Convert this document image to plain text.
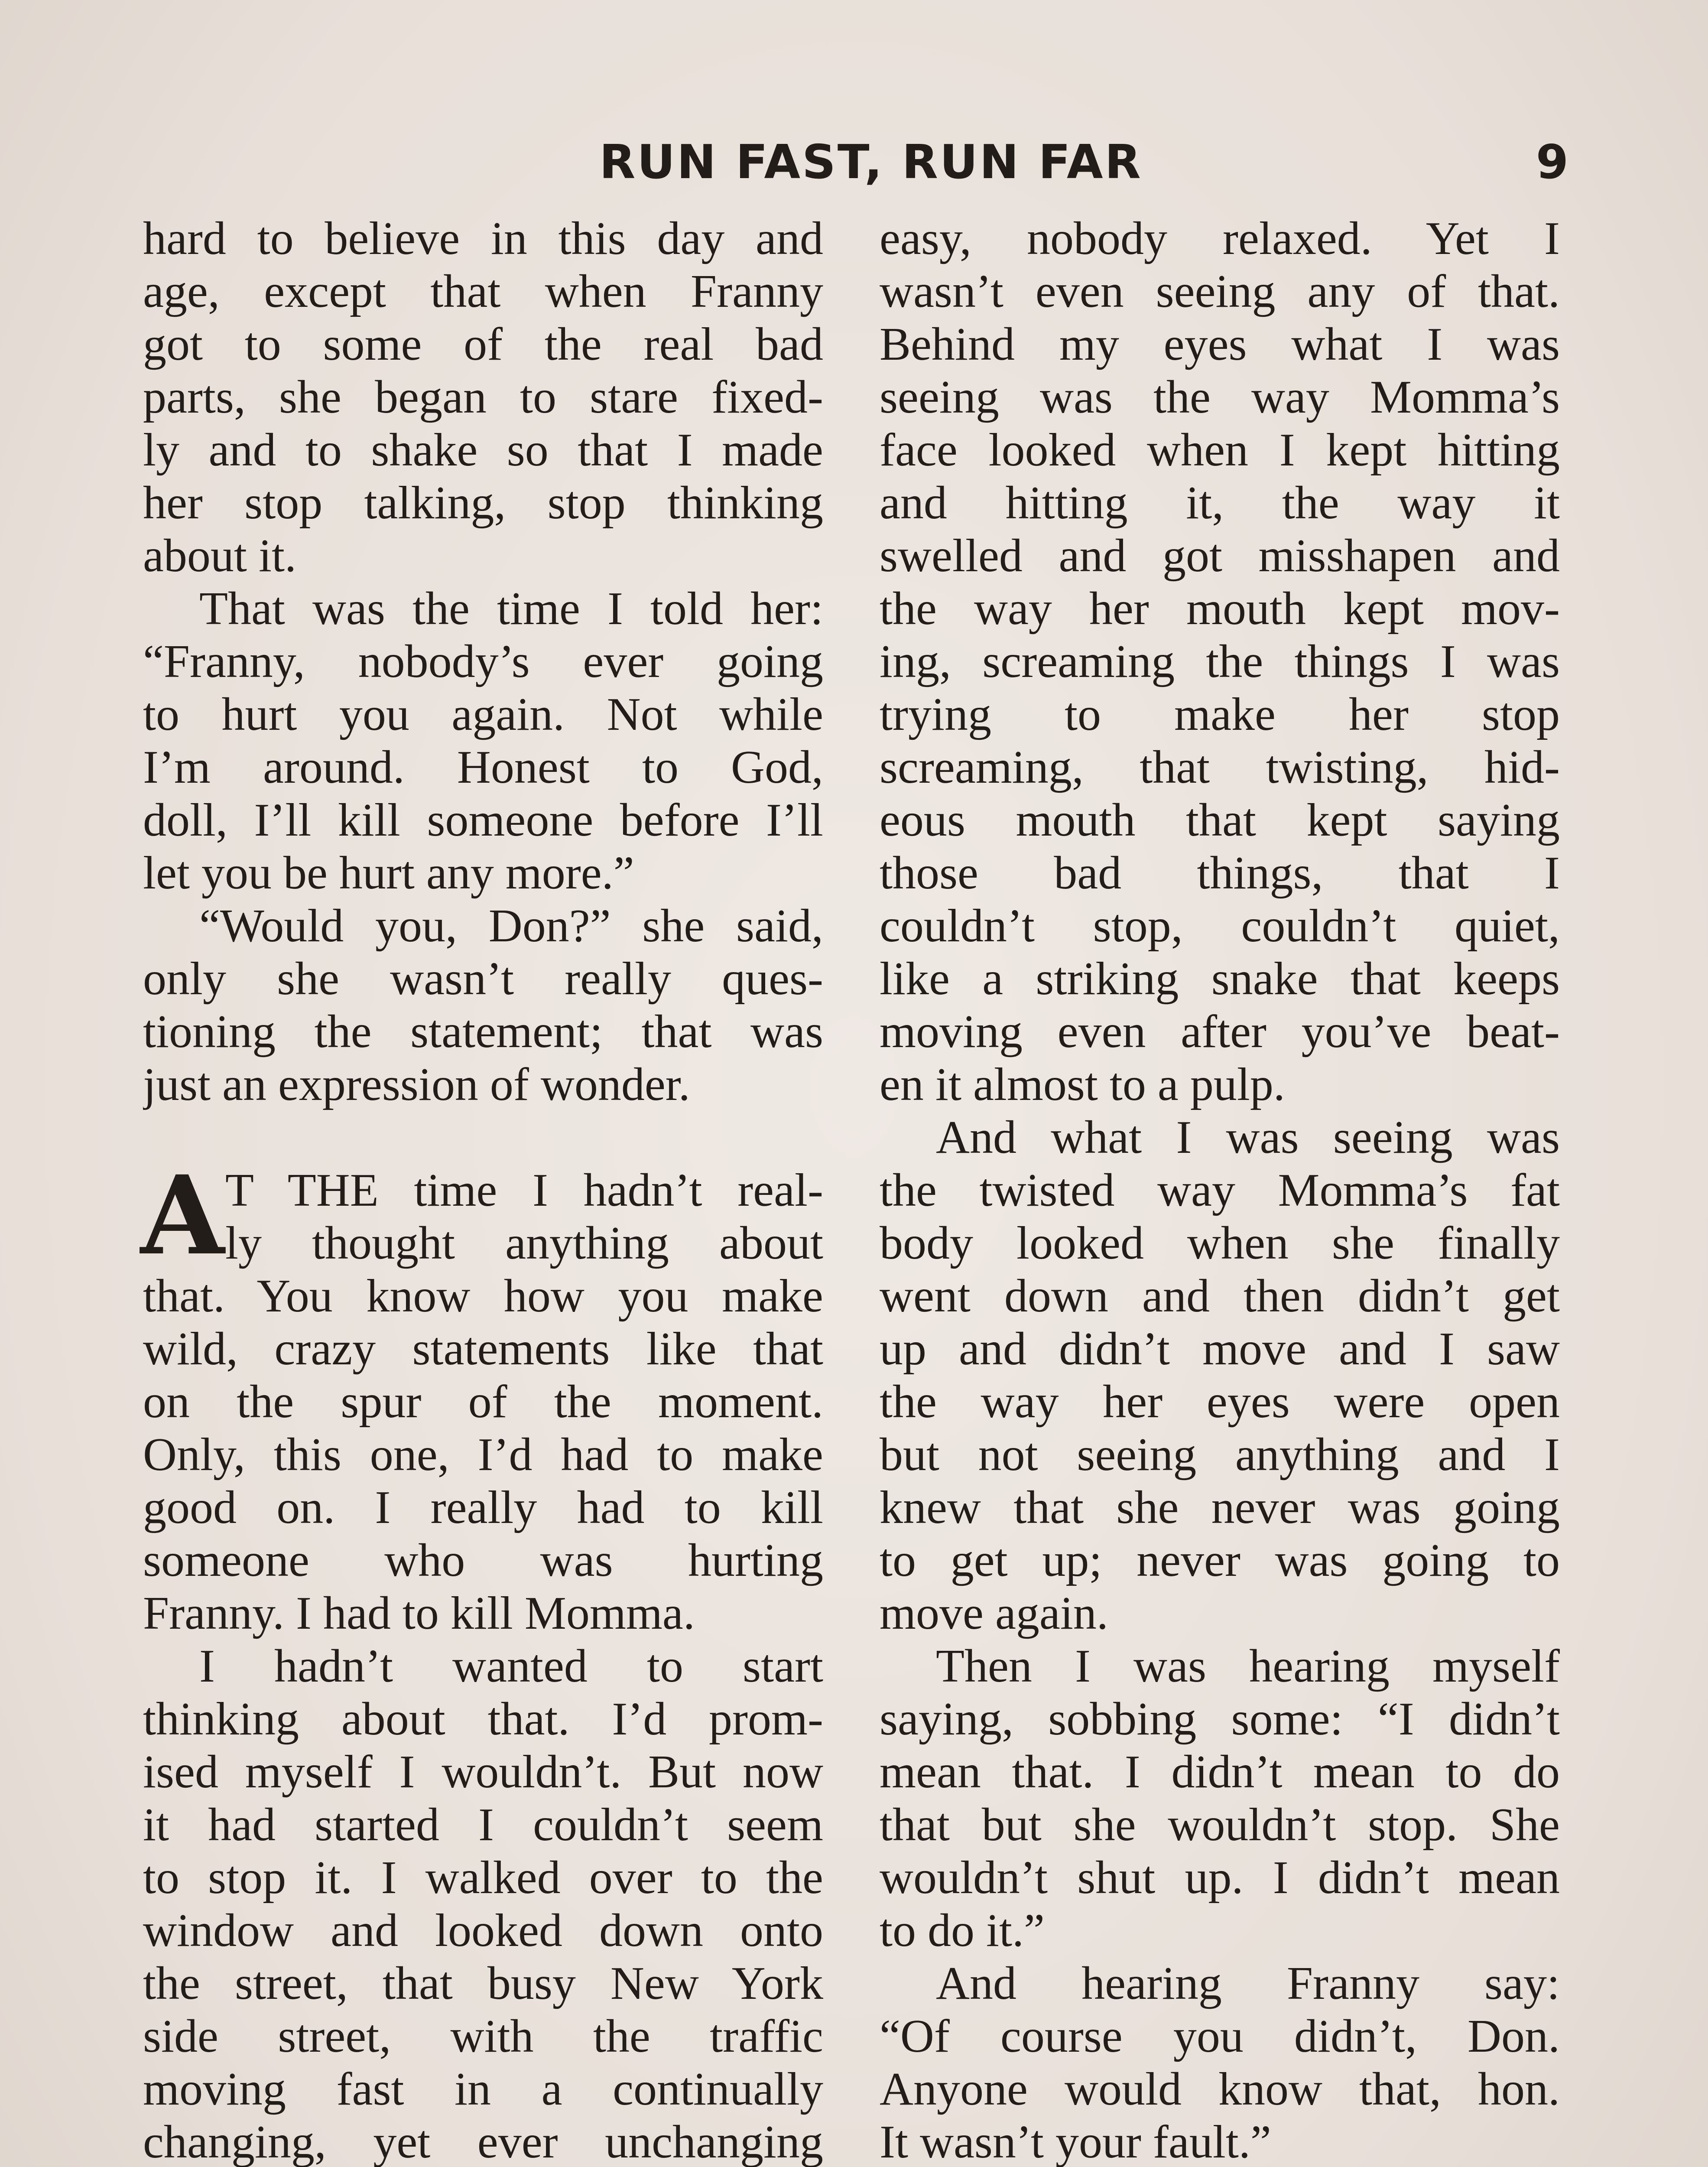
RUN FAST, RUN FAR	9
hard to believe in this day and
age, except that when Franny
got to some of the real bad
parts, she began to stare fixed-
ly and to shake so that I made
her stop talking, stop thinking
about it.
That was the time I told her:
“Franny, nobody’s ever going
to hurt you again. Not while
I’m around. Honest to God,
doll, I’ll kill someone before I’ll
let you be hurt any more.”
“Would you, Don?” she said,
only she wasn’t really ques-
tioning the statement; that was
just an expression of wonder.
A T THE time I hadn’t real-
ly thought anything about
that. You know how you make
wild, crazy statements like that
on the spur of the moment.
Only, this one, I’d had to make
good on. I really had to kill
someone who was hurting
Franny. I had to kill Momma.
I hadn’t wanted to start
thinking about that. I’d prom-
ised myself I wouldn’t. But now
it had started I couldn’t seem
to stop it. I walked over to the
window and looked down onto
the street, that busy New York
side street, with the traffic
moving fast in a continually
changing, yet ever unchanging
easy, nobody relaxed. Yet I
wasn’t even seeing any of that.
Behind my eyes what I was
seeing was the way Momma’s
face looked when I kept hitting
and hitting it, the way it
swelled and got misshapen and
the way her mouth kept mov-
ing, screaming the things I was
trying to make her stop
screaming, that twisting, hid-
eous mouth that kept saying
those bad things, that I
couldn’t stop, couldn’t quiet,
like a striking snake that keeps
moving even after you’ve beat-
en it almost to a pulp.
And what I was seeing was
the twisted way Momma’s fat
body looked when she finally
went down and then didn’t get
up and didn’t move and I saw
the way her eyes were open
but not seeing anything and I
knew that she never was going
to get up; never was going to
move again.
Then I was hearing myself
saying, sobbing some: “I didn’t
mean that. I didn’t mean to do
that but she wouldn’t stop. She
wouldn’t shut up. I didn’t mean
to do it.”
And hearing Franny say:
“Of course you didn’t, Don.
Anyone would know that, hon.
It wasn’t your fault.”
